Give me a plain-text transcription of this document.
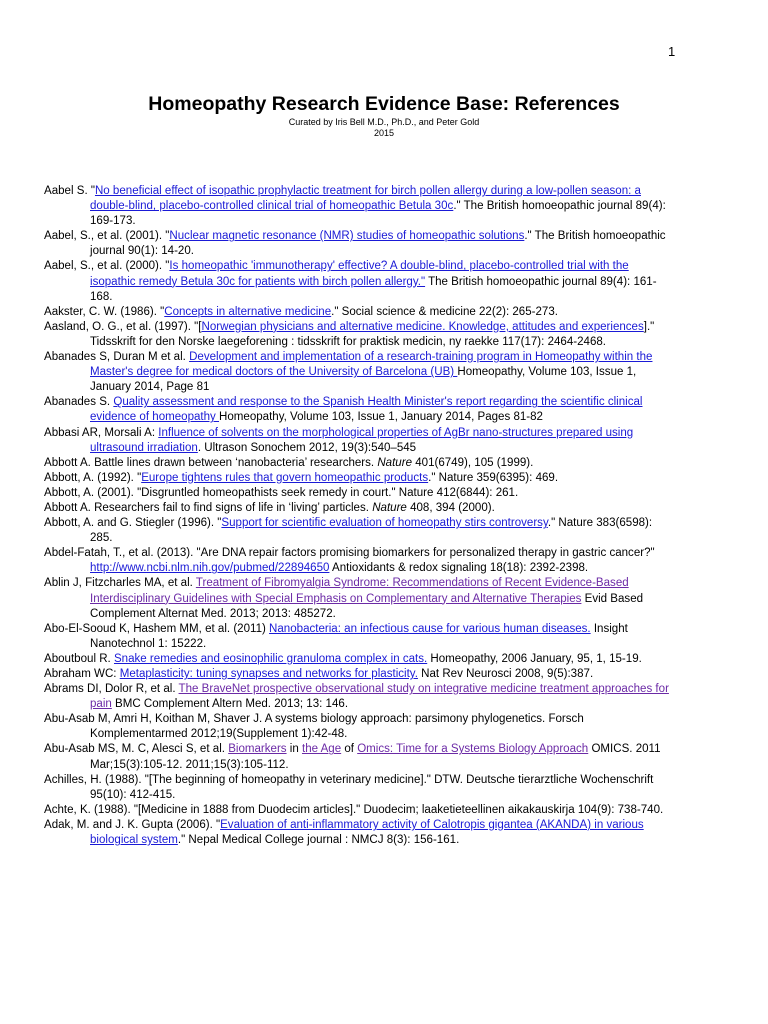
1
Homeopathy Research Evidence Base: References
Curated by Iris Bell M.D., Ph.D., and Peter Gold
2015

Aabel S. "No beneficial effect of isopathic prophylactic treatment for birch pollen allergy during a low-pollen season: a double-blind, placebo-controlled clinical trial of homeopathic Betula 30c." The British homoeopathic journal 89(4): 169-173.

Aabel, S., et al. (2001). "Nuclear magnetic resonance (NMR) studies of homeopathic solutions." The British homoeopathic journal 90(1): 14-20.

Aabel, S., et al. (2000). "Is homeopathic 'immunotherapy' effective? A double-blind, placebo-controlled trial with the isopathic remedy Betula 30c for patients with birch pollen allergy." The British homoeopathic journal 89(4): 161-168.

Aakster, C. W. (1986). "Concepts in alternative medicine." Social science & medicine 22(2): 265-273.

Aasland, O. G., et al. (1997). "[Norwegian physicians and alternative medicine. Knowledge, attitudes and experiences]." Tidsskrift for den Norske laegeforening : tidsskrift for praktisk medicin, ny raekke 117(17): 2464-2468.

Abanades S, Duran M et al. Development and implementation of a research-training program in Homeopathy within the Master's degree for medical doctors of the University of Barcelona (UB) Homeopathy, Volume 103, Issue 1, January 2014, Page 81

Abanades S. Quality assessment and response to the Spanish Health Minister's report regarding the scientific clinical evidence of homeopathy Homeopathy, Volume 103, Issue 1, January 2014, Pages 81-82

Abbasi AR, Morsali A: Influence of solvents on the morphological properties of AgBr nano-structures prepared using ultrasound irradiation. Ultrason Sonochem 2012, 19(3):540–545

Abbott A. Battle lines drawn between ‘nanobacteria’ researchers. Nature 401(6749), 105 (1999).

Abbott, A. (1992). "Europe tightens rules that govern homeopathic products." Nature 359(6395): 469.

Abbott, A. (2001). "Disgruntled homeopathists seek remedy in court." Nature 412(6844): 261.

Abbott A. Researchers fail to find signs of life in ‘living’ particles. Nature 408, 394 (2000).

Abbott, A. and G. Stiegler (1996). "Support for scientific evaluation of homeopathy stirs controversy." Nature 383(6598): 285.

Abdel-Fatah, T., et al. (2013). "Are DNA repair factors promising biomarkers for personalized therapy in gastric cancer?" http://www.ncbi.nlm.nih.gov/pubmed/22894650 Antioxidants & redox signaling 18(18): 2392-2398.

Ablin J, Fitzcharles MA, et al. Treatment of Fibromyalgia Syndrome: Recommendations of Recent Evidence-Based Interdisciplinary Guidelines with Special Emphasis on Complementary and Alternative Therapies Evid Based Complement Alternat Med. 2013; 2013: 485272.

Abo-El-Sooud K, Hashem MM, et al. (2011) Nanobacteria: an infectious cause for various human diseases. Insight Nanotechnol 1: 15222.

Aboutboul R. Snake remedies and eosinophilic granuloma complex in cats. Homeopathy, 2006 January, 95, 1, 15-19.

Abraham WC: Metaplasticity: tuning synapses and networks for plasticity. Nat Rev Neurosci 2008, 9(5):387.

Abrams DI, Dolor R, et al. The BraveNet prospective observational study on integrative medicine treatment approaches for pain BMC Complement Altern Med. 2013; 13: 146.

Abu-Asab M, Amri H, Koithan M, Shaver J. A systems biology approach: parsimony phylogenetics. Forsch Komplementarmed 2012;19(Supplement 1):42-48.

Abu-Asab MS, M. C, Alesci S, et al. Biomarkers in the Age of Omics: Time for a Systems Biology Approach OMICS. 2011 Mar;15(3):105-12. 2011;15(3):105-112.

Achilles, H. (1988). "[The beginning of homeopathy in veterinary medicine]." DTW. Deutsche tierarztliche Wochenschrift 95(10): 412-415.

Achte, K. (1988). "[Medicine in 1888 from Duodecim articles]." Duodecim; laaketieteellinen aikakauskirja 104(9): 738-740.

Adak, M. and J. K. Gupta (2006). "Evaluation of anti-inflammatory activity of Calotropis gigantea (AKANDA) in various biological system." Nepal Medical College journal : NMCJ 8(3): 156-161.
